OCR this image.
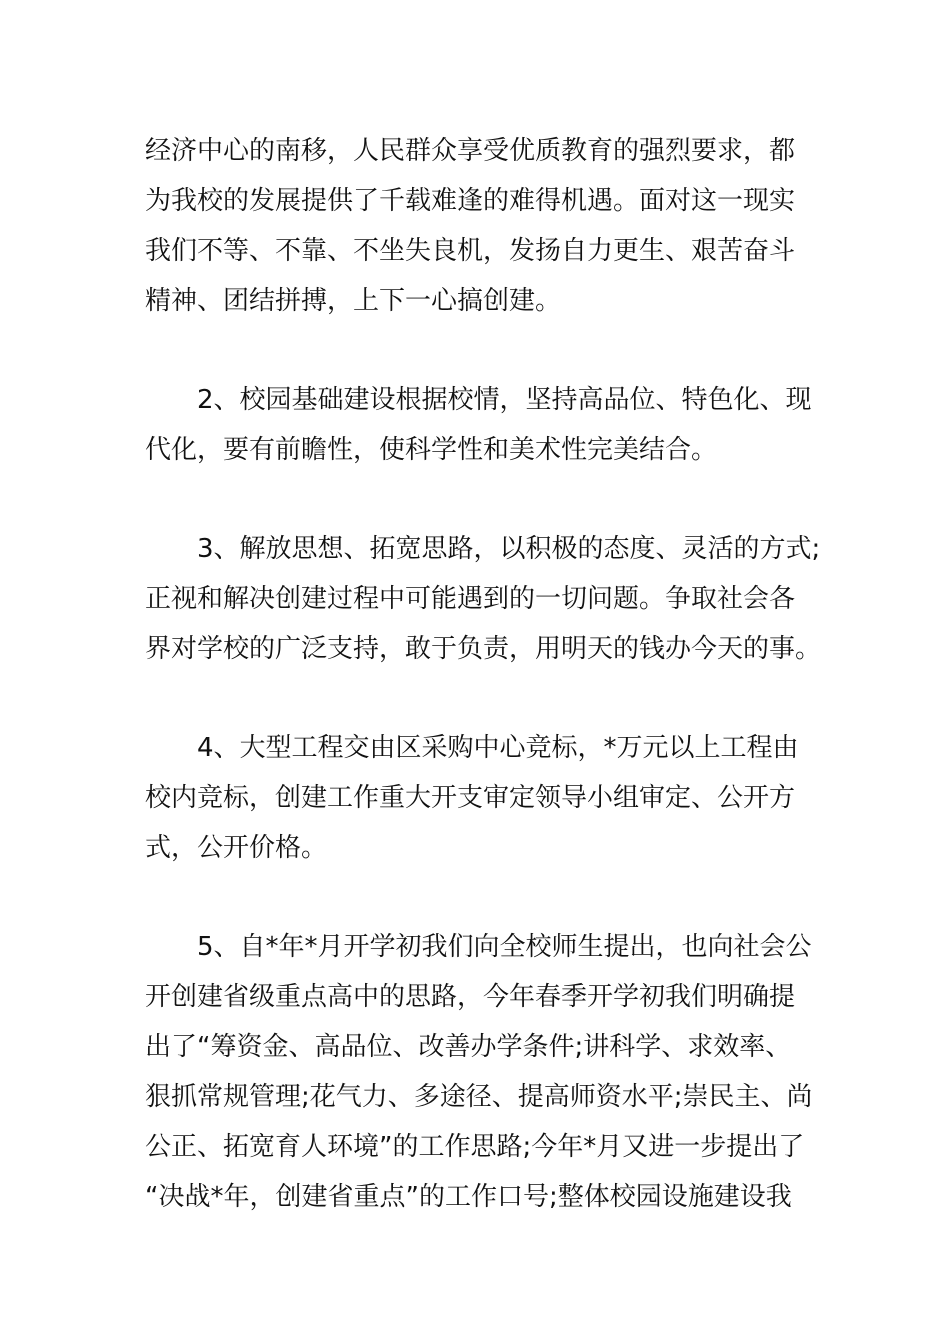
经济中心的南移，人民群众享受优质教育的强烈要求，都
为我校的发展提供了千载难逢的难得机遇。面对这一现实
我们不等、不靠、不坐失良机，发扬自力更生、艰苦奋斗
精神、团结拼搏，上下一心搞创建。
2、校园基础建设根据校情，坚持高品位、特色化、现
代化，要有前瞻性，使科学性和美术性完美结合。
3、解放思想、拓宽思路，以积极的态度、灵活的方式;
正视和解决创建过程中可能遇到的一切问题。争取社会各
界对学校的广泛支持，敢于负责，用明天的钱办今天的事。
4、大型工程交由区采购中心竞标，*万元以上工程由
校内竞标，创建工作重大开支审定领导小组审定、公开方
式，公开价格。
5、自*年*月开学初我们向全校师生提出，也向社会公
开创建省级重点高中的思路，今年春季开学初我们明确提
出了“筹资金、高品位、改善办学条件;讲科学、求效率、
狠抓常规管理;花气力、多途径、提高师资水平;崇民主、尚
公正、拓宽育人环境”的工作思路;今年*月又进一步提出了
“决战*年，创建省重点”的工作口号;整体校园设施建设我
